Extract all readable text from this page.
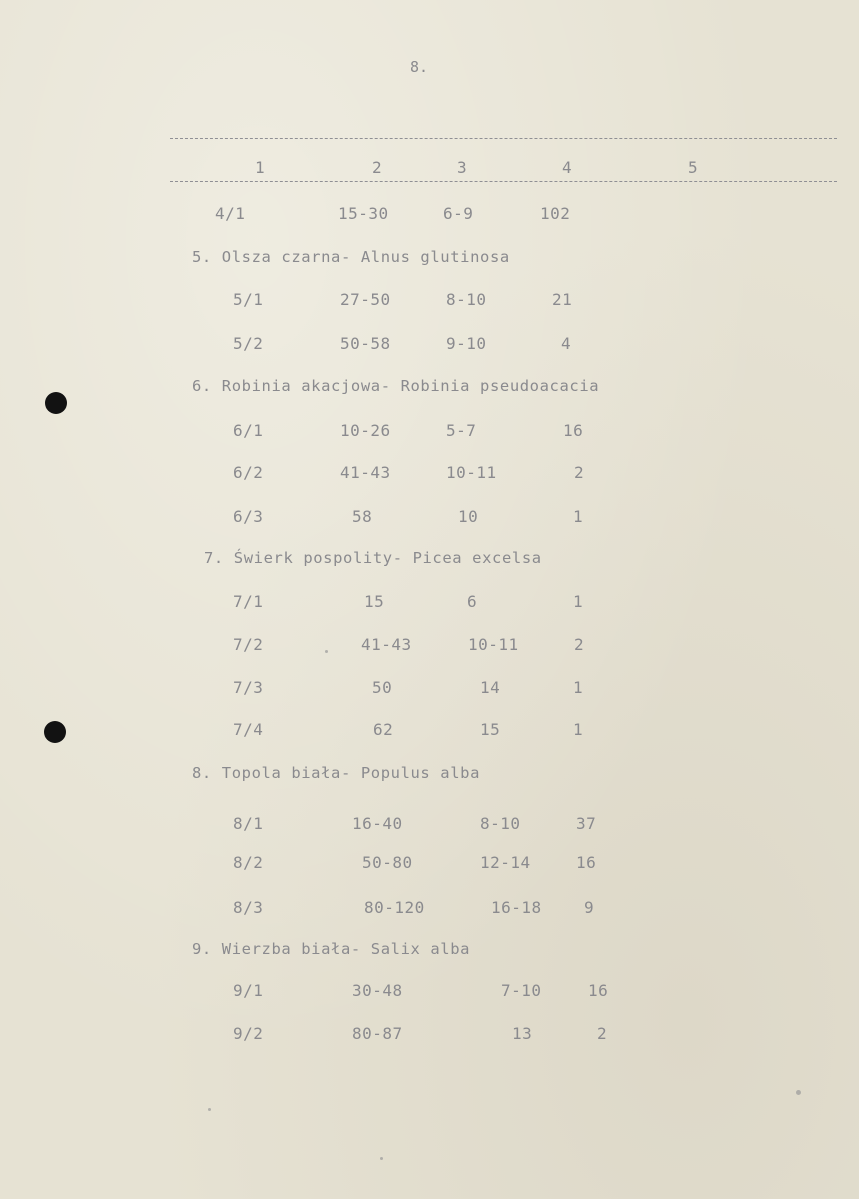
8.
1	2	3	4	5
4/1	15-30	6-9	102
5. Olsza czarna- Alnus glutinosa
5/1	27-50	8-10	21
5/2	50-58	9-10	4
6. Robinia akacjowa- Robinia pseudoacacia
6/1	10-26	5-7	16
6/2	41-43	10-11	2
6/3	58	10	1
7. Świerk pospolity- Picea excelsa
7/1	15	6	1
7/2	41-43	10-11	2
7/3	50	14	1
7/4	62	15	1
8. Topola biała- Populus alba
8/1	16-40	8-10	37
8/2	50-80	12-14	16
8/3	80-120	16-18	9
9. Wierzba biała- Salix alba
9/1	30-48	7-10	16
9/2	80-87	13	2
